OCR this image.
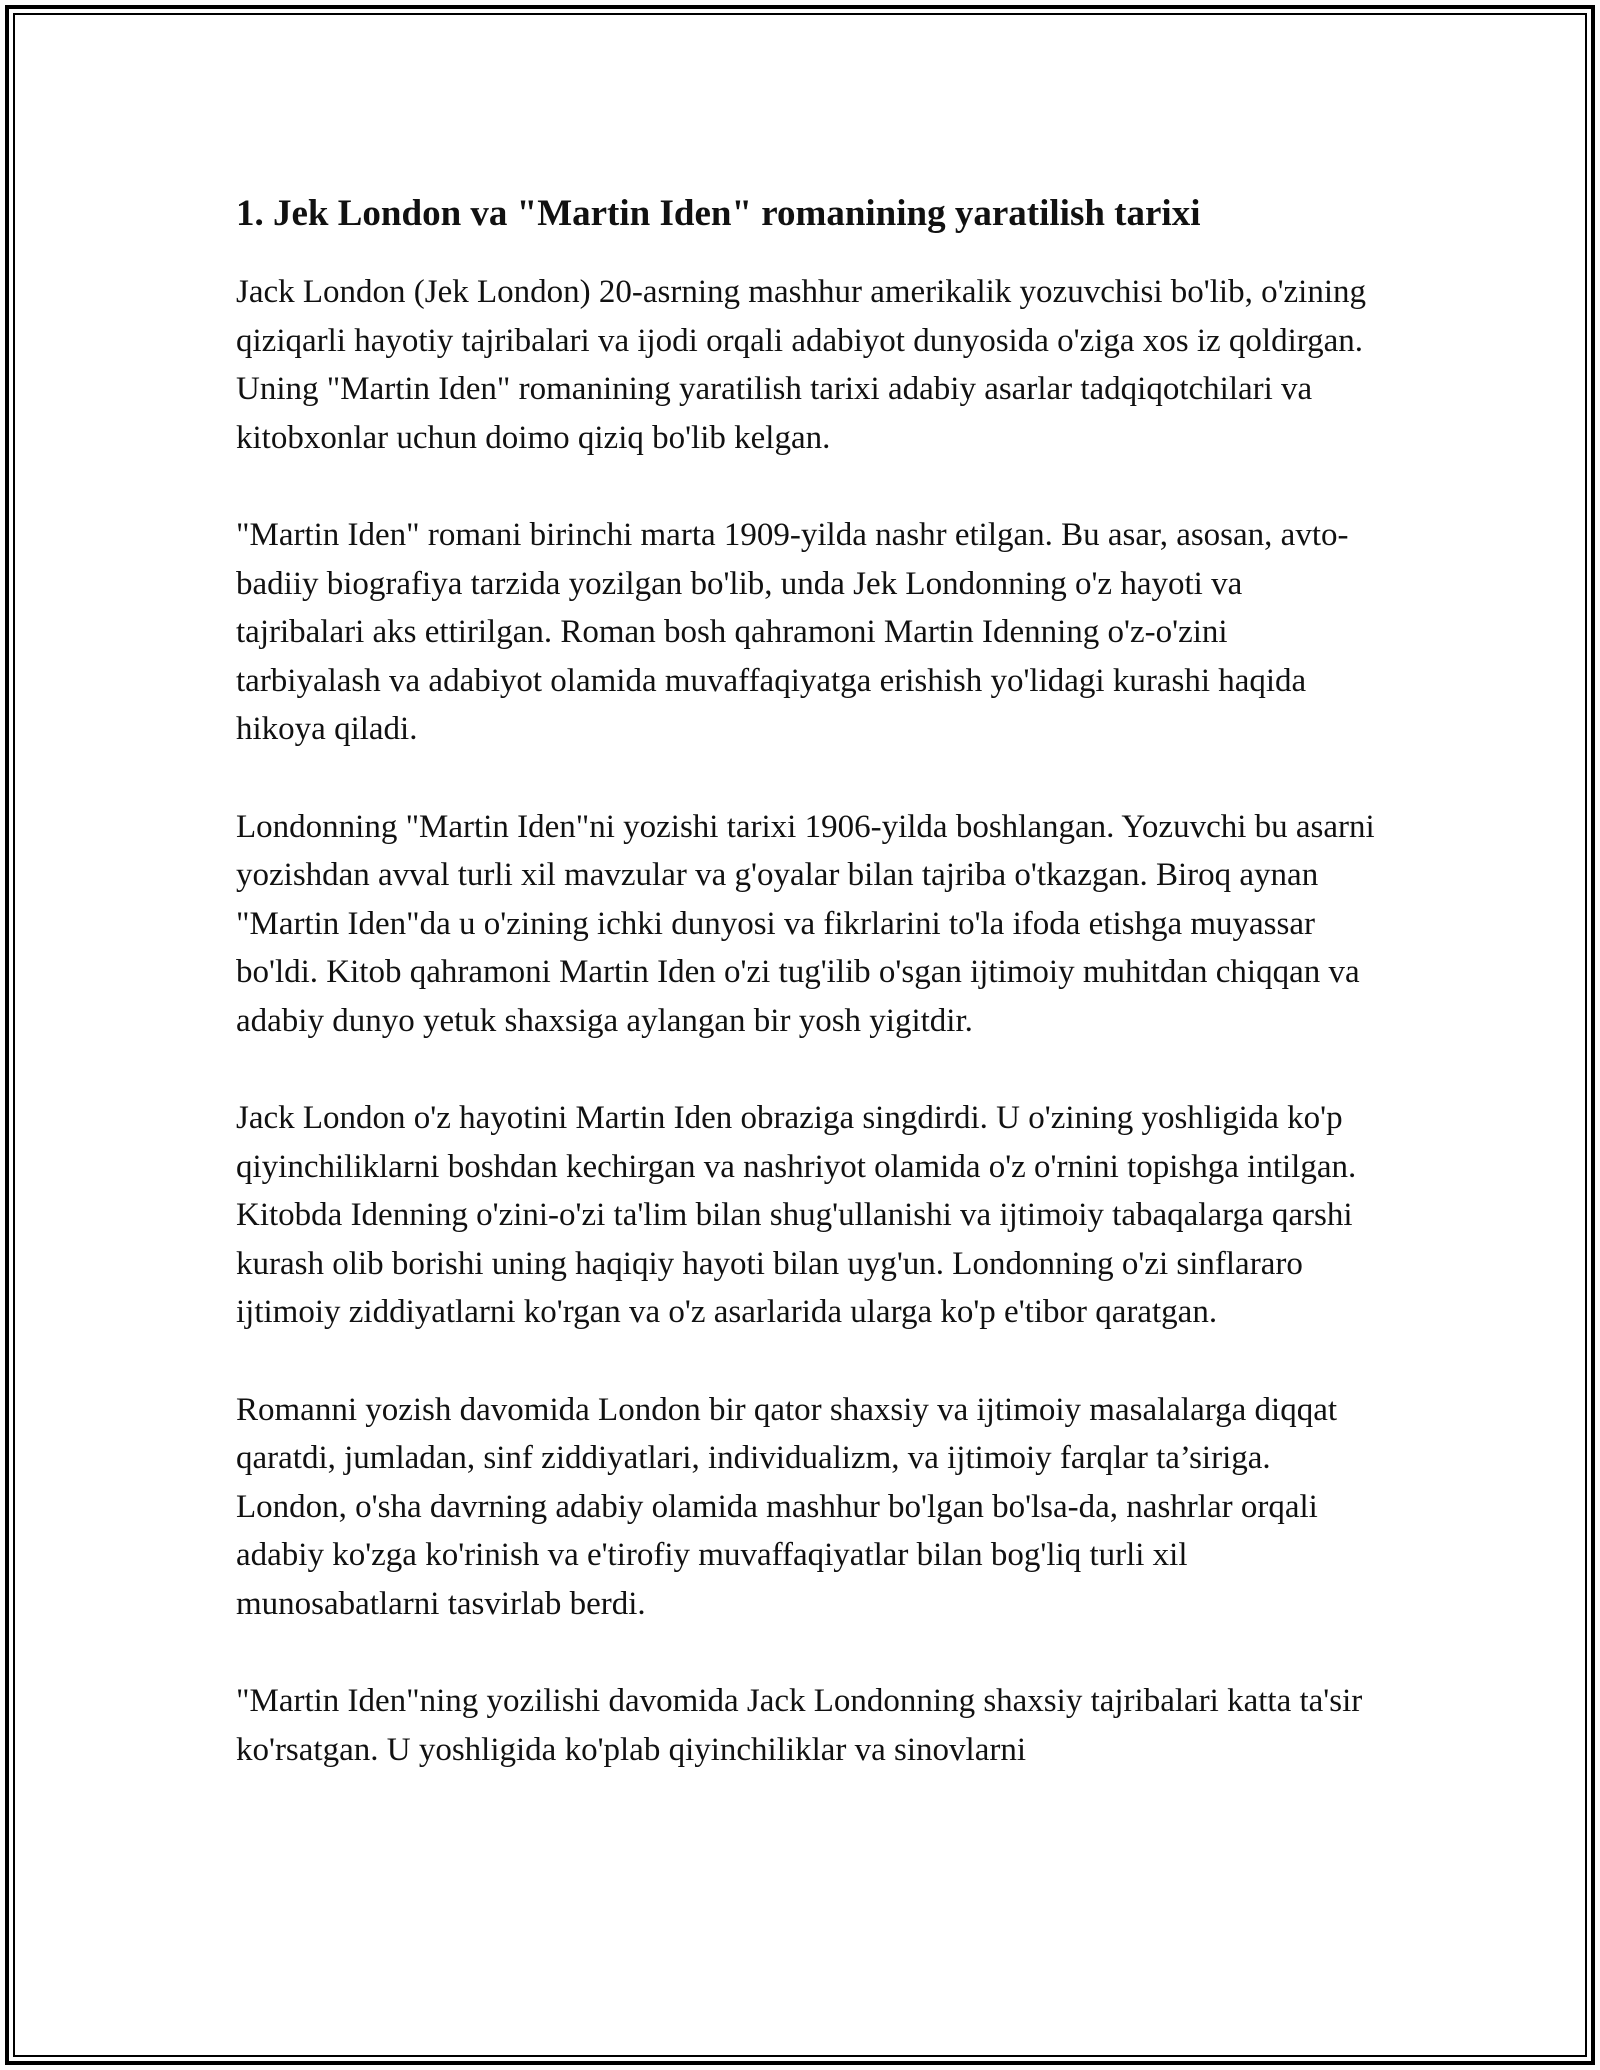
1. Jek London va "Martin Iden" romanining yaratilish tarixi

Jack London (Jek London) 20-asrning mashhur amerikalik yozuvchisi bo'lib, o'zining qiziqarli hayotiy tajribalari va ijodi orqali adabiyot dunyosida o'ziga xos iz qoldirgan. Uning "Martin Iden" romanining yaratilish tarixi adabiy asarlar tadqiqotchilari va kitobxonlar uchun doimo qiziq bo'lib kelgan.

"Martin Iden" romani birinchi marta 1909-yilda nashr etilgan. Bu asar, asosan, avto-badiiy biografiya tarzida yozilgan bo'lib, unda Jek Londonning o'z hayoti va tajribalari aks ettirilgan. Roman bosh qahramoni Martin Idenning o'z-o'zini tarbiyalash va adabiyot olamida muvaffaqiyatga erishish yo'lidagi kurashi haqida hikoya qiladi.

Londonning "Martin Iden"ni yozishi tarixi 1906-yilda boshlangan. Yozuvchi bu asarni yozishdan avval turli xil mavzular va g'oyalar bilan tajriba o'tkazgan. Biroq aynan "Martin Iden"da u o'zining ichki dunyosi va fikrlarini to'la ifoda etishga muyassar bo'ldi. Kitob qahramoni Martin Iden o'zi tug'ilib o'sgan ijtimoiy muhitdan chiqqan va adabiy dunyo yetuk shaxsiga aylangan bir yosh yigitdir.

Jack London o'z hayotini Martin Iden obraziga singdirdi. U o'zining yoshligida ko'p qiyinchiliklarni boshdan kechirgan va nashriyot olamida o'z o'rnini topishga intilgan. Kitobda Idenning o'zini-o'zi ta'lim bilan shug'ullanishi va ijtimoiy tabaqalarga qarshi kurash olib borishi uning haqiqiy hayoti bilan uyg'un. Londonning o'zi sinflararo ijtimoiy ziddiyatlarni ko'rgan va o'z asarlarida ularga ko'p e'tibor qaratgan.

Romanni yozish davomida London bir qator shaxsiy va ijtimoiy masalalarga diqqat qaratdi, jumladan, sinf ziddiyatlari, individualizm, va ijtimoiy farqlar ta’siriga. London, o'sha davrning adabiy olamida mashhur bo'lgan bo'lsa-da, nashrlar orqali adabiy ko'zga ko'rinish va e'tirofiy muvaffaqiyatlar bilan bog'liq turli xil munosabatlarni tasvirlab berdi.

"Martin Iden"ning yozilishi davomida Jack Londonning shaxsiy tajribalari katta ta'sir ko'rsatgan. U yoshligida ko'plab qiyinchiliklar va sinovlarni
